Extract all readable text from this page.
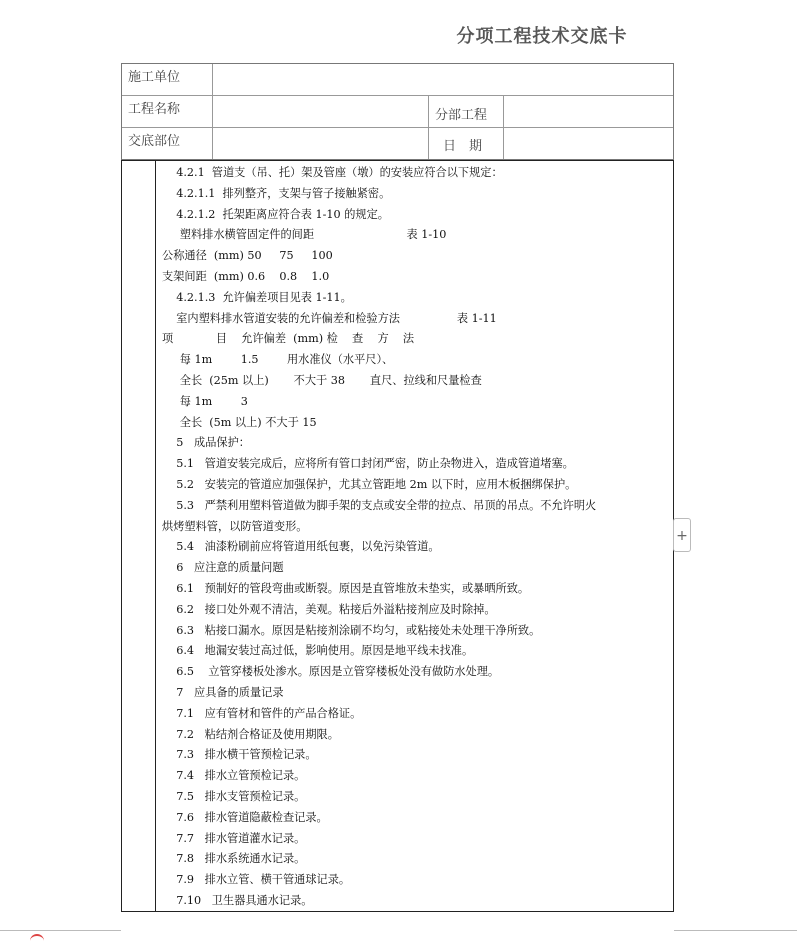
分项工程技术交底卡
施工单位
工程名称	分部工程
交底部位	日　期
4.2.1  管道支（吊、托）架及管座（墩）的安装应符合以下规定：
4.2.1.1  排列整齐，支架与管子接触紧密。
4.2.1.2  托架距离应符合表 1-10 的规定。
塑料排水横管固定件的间距                          表 1-10
公称通径  (mm) 50     75     100
支架间距  (mm) 0.6    0.8    1.0
4.2.1.3  允许偏差项目见表 1-11。
室内塑料排水管道安装的允许偏差和检验方法                表 1-11
项            目    允许偏差  (mm) 检    查    方    法
每 1m        1.5        用水准仪（水平尺）、
全长  (25m 以上)       不大于 38       直尺、拉线和尺量检查
每 1m        3
全长  (5m 以上) 不大于 15
5   成品保护：
5.1   管道安装完成后，应将所有管口封闭严密，防止杂物进入，造成管道堵塞。
5.2   安装完的管道应加强保护，尤其立管距地 2m 以下时，应用木板捆绑保护。
5.3   严禁利用塑料管道做为脚手架的支点或安全带的拉点、吊顶的吊点。不允许明火
烘烤塑料管，以防管道变形。
5.4   油漆粉刷前应将管道用纸包裹，以免污染管道。
6   应注意的质量问题
6.1   预制好的管段弯曲或断裂。原因是直管堆放未垫实，或暴晒所致。
6.2   接口处外观不清洁，美观。粘接后外溢粘接剂应及时除掉。
6.3   粘接口漏水。原因是粘接剂涂刷不均匀，或粘接处未处理干净所致。
6.4   地漏安装过高过低，影响使用。原因是地平线未找准。
6.5    立管穿楼板处渗水。原因是立管穿楼板处没有做防水处理。
7   应具备的质量记录
7.1   应有管材和管件的产品合格证。
7.2   粘结剂合格证及使用期限。
7.3   排水横干管预检记录。
7.4   排水立管预检记录。
7.5   排水支管预检记录。
7.6   排水管道隐蔽检查记录。
7.7   排水管道灌水记录。
7.8   排水系统通水记录。
7.9   排水立管、横干管通球记录。
7.10   卫生器具通水记录。
+
